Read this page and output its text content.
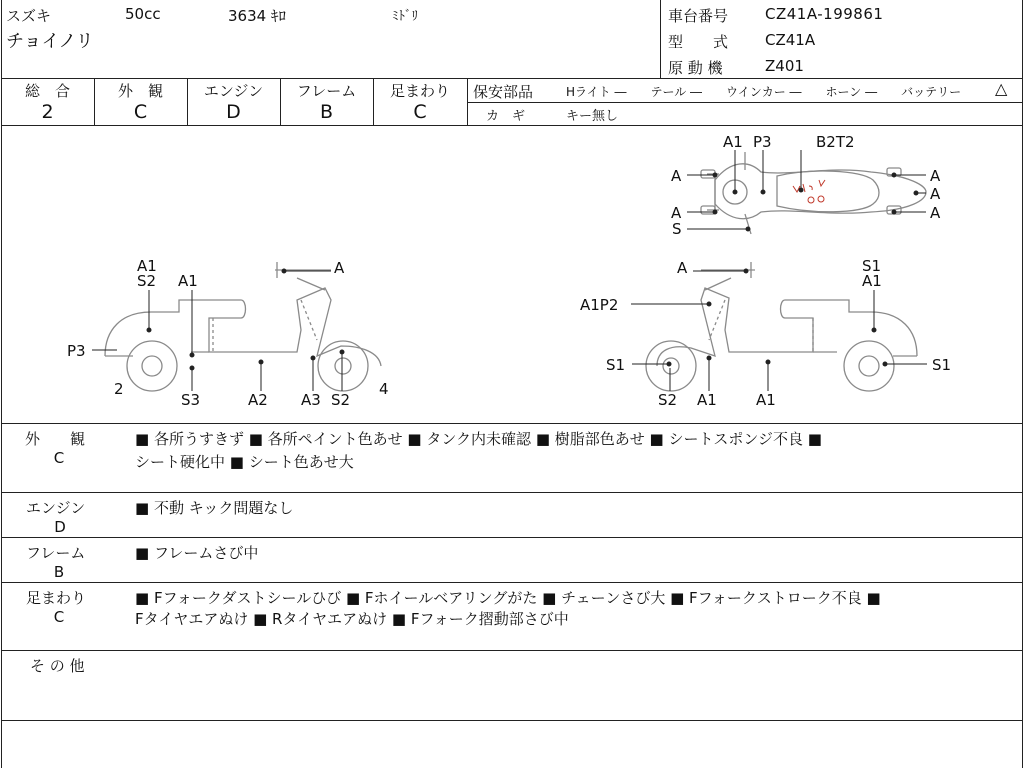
スズキ	50cc	3634 ｷﾛ	ﾐﾄﾞﾘ
チョイノリ
車台番号 CZ41A-199861
型　　式 CZ41A
原 動 機	Z401
総　合
2
外　観
C
エンジン
D
フレーム
B
足まわり
C
保安部品	Hライト ―　　テール ―　　ウインカー ―　　ホーン ―　　バッテリー △
カ　ギ	キー無し
A1 P3	B2T2
A
A
S
A
A
A
A1
S2 A1
A
P3
2
S3	A2 A3 S2
4
A
A1P2
S1
A1
S1	S1
S2 A1	A1
外　　観
C
■ 各所うすきず ■ 各所ペイント色あせ ■ タンク内未確認 ■ 樹脂部色あせ ■ シートスポンジ不良 ■
シート硬化中 ■ シート色あせ大
エンジン
D
■ 不動 キック問題なし
フレーム
B
■ フレームさび中
足まわり
C
■ Fフォークダストシールひび ■ Fホイールベアリングがた ■ チェーンさび大 ■ Fフォークストローク不良 ■
Fタイヤエアぬけ ■ Rタイヤエアぬけ ■ Fフォーク摺動部さび中
そ の 他
